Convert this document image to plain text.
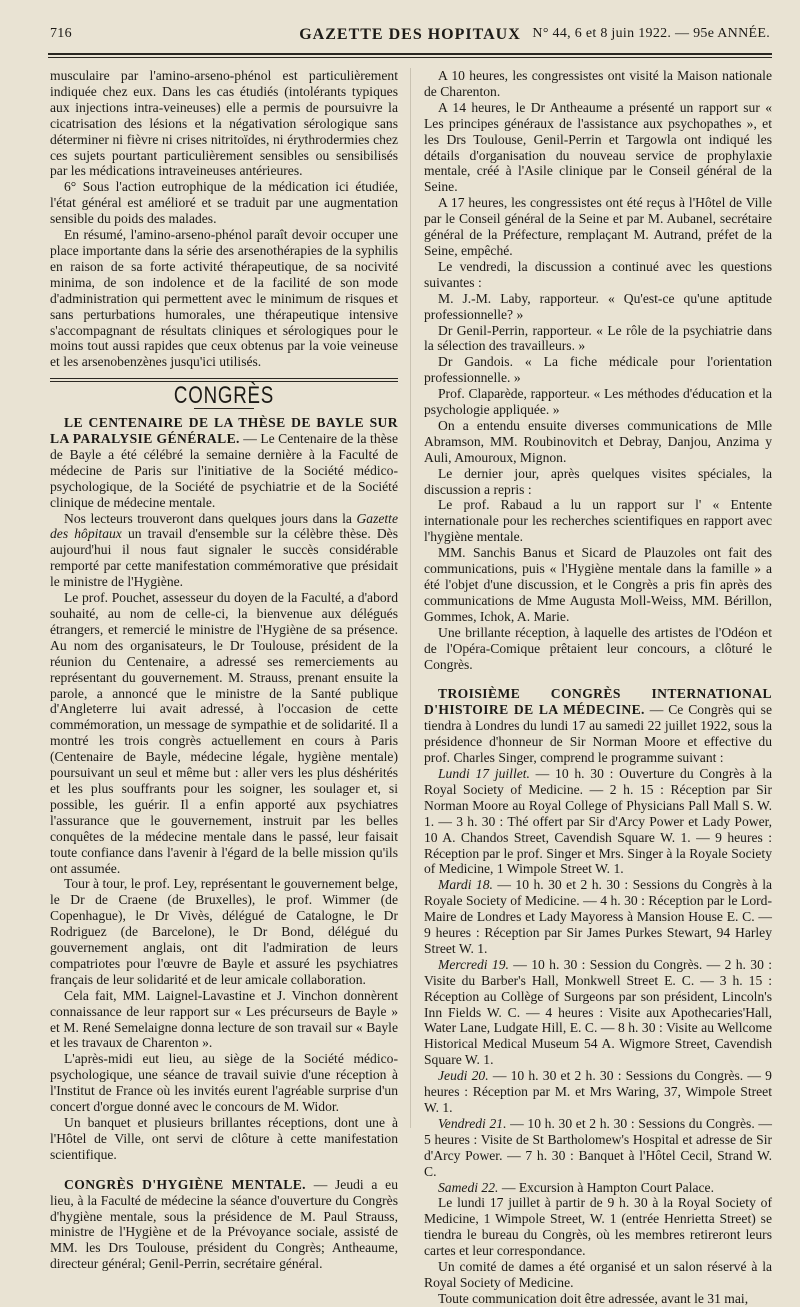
716	GAZETTE DES HOPITAUX N° 44, 6 et 8 juin 1922. — 95e ANNÉE.

musculaire par l'amino-arseno-phénol est particulièrement indiquée chez eux. Dans les cas étudiés (intolérants typiques aux injections intra-veineuses) elle a permis de poursuivre la cicatrisation des lésions et la négativation sérologique sans déterminer ni fièvre ni crises nitritoïdes, ni érythrodermies chez ces sujets pourtant particulièrement sensibles ou sensibilisés par les médications intraveineuses antérieures.

6° Sous l'action eutrophique de la médication ici étudiée, l'état général est amélioré et se traduit par une augmentation sensible du poids des malades.

En résumé, l'amino-arseno-phénol paraît devoir occuper une place importante dans la série des arsenothérapies de la syphilis en raison de sa forte activité thérapeutique, de sa nocivité minima, de son indolence et de la facilité de son mode d'administration qui permettent avec le minimum de risques et sans perturbations humorales, une thérapeutique intensive s'accompagnant de résultats cliniques et sérologiques pour le moins tout aussi rapides que ceux obtenus par la voie veineuse et les arsenobenzènes jusqu'ici utilisés.

CONGRÈS

LE CENTENAIRE DE LA THÈSE DE BAYLE SUR LA PARALYSIE GÉNÉRALE. — Le Centenaire de la thèse de Bayle a été célébré la semaine dernière à la Faculté de médecine de Paris sur l'initiative de la Société médico-psychologique, de la Société de psychiatrie et de la Société clinique de médecine mentale.

Nos lecteurs trouveront dans quelques jours dans la Gazette des hôpitaux un travail d'ensemble sur la célèbre thèse. Dès aujourd'hui il nous faut signaler le succès considérable remporté par cette manifestation commémorative que présidait le ministre de l'Hygiène.

Le prof. Pouchet, assesseur du doyen de la Faculté, a d'abord souhaité, au nom de celle-ci, la bienvenue aux délégués étrangers, et remercié le ministre de l'Hygiène de sa présence. Au nom des organisateurs, le Dr Toulouse, président de la réunion du Centenaire, a adressé ses remerciements au représentant du gouvernement. M. Strauss, prenant ensuite la parole, a annoncé que le ministre de la Santé publique d'Angleterre lui avait adressé, à l'occasion de cette commémoration, un message de sympathie et de solidarité. Il a montré les trois congrès actuellement en cours à Paris (Centenaire de Bayle, médecine légale, hygiène mentale) poursuivant un seul et même but : aller vers les plus déshérités et les plus souffrants pour les soigner, les soulager et, si possible, les guérir. Il a enfin apporté aux psychiatres l'assurance que le gouvernement, instruit par les belles conquêtes de la médecine mentale dans le passé, leur faisait toute confiance dans l'avenir à l'égard de la belle mission qu'ils ont assumée.

Tour à tour, le prof. Ley, représentant le gouvernement belge, le Dr de Craene (de Bruxelles), le prof. Wimmer (de Copenhague), le Dr Vivès, délégué de Catalogne, le Dr Rodriguez (de Barcelone), le Dr Bond, délégué du gouvernement anglais, ont dit l'admiration de leurs compatriotes pour l'œuvre de Bayle et assuré les psychiatres français de leur solidarité et de leur amicale collaboration.

Cela fait, MM. Laignel-Lavastine et J. Vinchon donnèrent connaissance de leur rapport sur « Les précurseurs de Bayle » et M. René Semelaigne donna lecture de son travail sur « Bayle et les travaux de Charenton ».

L'après-midi eut lieu, au siège de la Société médico-psychologique, une séance de travail suivie d'une réception à l'Institut de France où les invités eurent l'agréable surprise d'un concert d'orgue donné avec le concours de M. Widor.

Un banquet et plusieurs brillantes réceptions, dont une à l'Hôtel de Ville, ont servi de clôture à cette manifestation scientifique.

CONGRÈS D'HYGIÈNE MENTALE. — Jeudi a eu lieu, à la Faculté de médecine la séance d'ouverture du Congrès d'hygiène mentale, sous la présidence de M. Paul Strauss, ministre de l'Hygiène et de la Prévoyance sociale, assisté de MM. les Drs Toulouse, président du Congrès; Antheaume, directeur général; Genil-Perrin, secrétaire général.

A 10 heures, les congressistes ont visité la Maison nationale de Charenton.

A 14 heures, le Dr Antheaume a présenté un rapport sur « Les principes généraux de l'assistance aux psychopathes », et les Drs Toulouse, Genil-Perrin et Targowla ont indiqué les détails d'organisation du nouveau service de prophylaxie mentale, créé à l'Asile clinique par le Conseil général de la Seine.

A 17 heures, les congressistes ont été reçus à l'Hôtel de Ville par le Conseil général de la Seine et par M. Aubanel, secrétaire général de la Préfecture, remplaçant M. Autrand, préfet de la Seine, empêché.

Le vendredi, la discussion a continué avec les questions suivantes :

M. J.-M. Laby, rapporteur. « Qu'est-ce qu'une aptitude professionnelle? »

Dr Genil-Perrin, rapporteur. « Le rôle de la psychiatrie dans la sélection des travailleurs. »

Dr Gandois. « La fiche médicale pour l'orientation professionnelle. »

Prof. Claparède, rapporteur. « Les méthodes d'éducation et la psychologie appliquée. »

On a entendu ensuite diverses communications de Mlle Abramson, MM. Roubinovitch et Debray, Danjou, Anzima y Auli, Amouroux, Mignon.

Le dernier jour, après quelques visites spéciales, la discussion a repris :

Le prof. Rabaud a lu un rapport sur l' « Entente internationale pour les recherches scientifiques en rapport avec l'hygiène mentale.

MM. Sanchis Banus et Sicard de Plauzoles ont fait des communications, puis « l'Hygiène mentale dans la famille » a été l'objet d'une discussion, et le Congrès a pris fin après des communications de Mme Augusta Moll-Weiss, MM. Bérillon, Gommes, Ichok, A. Marie.

Une brillante réception, à laquelle des artistes de l'Odéon et de l'Opéra-Comique prêtaient leur concours, a clôturé le Congrès.

TROISIÈME CONGRÈS INTERNATIONAL D'HISTOIRE DE LA MÉDECINE. — Ce Congrès qui se tiendra à Londres du lundi 17 au samedi 22 juillet 1922, sous la présidence d'honneur de Sir Norman Moore et effective du prof. Charles Singer, comprend le programme suivant :

Lundi 17 juillet. — 10 h. 30 : Ouverture du Congrès à la Royal Society of Medicine. — 2 h. 15 : Réception par Sir Norman Moore au Royal College of Physicians Pall Mall S. W. 1. — 3 h. 30 : Thé offert par Sir d'Arcy Power et Lady Power, 10 A. Chandos Street, Cavendish Square W. 1. — 9 heures : Réception par le prof. Singer et Mrs. Singer à la Royale Society of Medicine, 1 Wimpole Street W. 1.

Mardi 18. — 10 h. 30 et 2 h. 30 : Sessions du Congrès à la Royale Society of Medicine. — 4 h. 30 : Réception par le Lord-Maire de Londres et Lady Mayoress à Mansion House E. C. — 9 heures : Réception par Sir James Purkes Stewart, 94 Harley Street W. 1.

Mercredi 19. — 10 h. 30 : Session du Congrès. — 2 h. 30 : Visite du Barber's Hall, Monkwell Street E. C. — 3 h. 15 : Réception au Collège of Surgeons par son président, Lincoln's Inn Fields W. C. — 4 heures : Visite aux Apothecaries'Hall, Water Lane, Ludgate Hill, E. C. — 8 h. 30 : Visite au Wellcome Historical Medical Museum 54 A. Wigmore Street, Cavendish Square W. 1.

Jeudi 20. — 10 h. 30 et 2 h. 30 : Sessions du Congrès. — 9 heures : Réception par M. et Mrs Waring, 37, Wimpole Street W. 1.

Vendredi 21. — 10 h. 30 et 2 h. 30 : Sessions du Congrès. — 5 heures : Visite de St Bartholomew's Hospital et adresse de Sir d'Arcy Power. — 7 h. 30 : Banquet à l'Hôtel Cecil, Strand W. C.

Samedi 22. — Excursion à Hampton Court Palace.

Le lundi 17 juillet à partir de 9 h. 30 à la Royal Society of Medicine, 1 Wimpole Street, W. 1 (entrée Henrietta Street) se tiendra le bureau du Congrès, où les membres retireront leurs cartes et leur correspondance.

Un comité de dames a été organisé et un salon réservé à la Royal Society of Medicine.

Toute communication doit être adressée, avant le 31 mai,
